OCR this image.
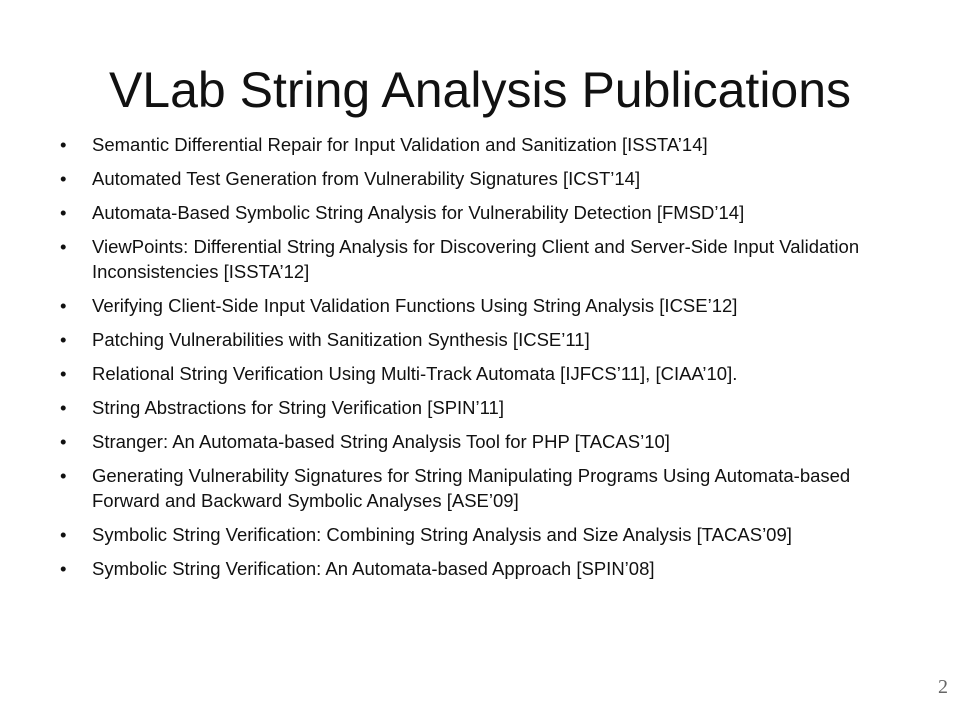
VLab String Analysis Publications
•	Semantic Differential Repair for Input Validation and Sanitization [ISSTA’14]
•	Automated Test Generation from Vulnerability Signatures [ICST’14]
•	Automata-Based Symbolic String Analysis for Vulnerability Detection [FMSD’14]
•	ViewPoints: Differential String Analysis for Discovering Client and Server-Side Input Validation Inconsistencies [ISSTA’12]
•	Verifying Client-Side Input Validation Functions Using String Analysis [ICSE’12]
•	Patching Vulnerabilities with Sanitization Synthesis [ICSE’11]
•	Relational String Verification Using Multi-Track Automata [IJFCS’11], [CIAA’10].
•	String Abstractions for String Verification [SPIN’11]
•	Stranger: An Automata-based String Analysis Tool for PHP [TACAS’10]
•	Generating Vulnerability Signatures for String Manipulating Programs Using Automata-based Forward and Backward Symbolic Analyses [ASE’09]
•	Symbolic String Verification: Combining String Analysis and Size Analysis [TACAS’09]
•	Symbolic String Verification: An Automata-based Approach [SPIN’08]
2
